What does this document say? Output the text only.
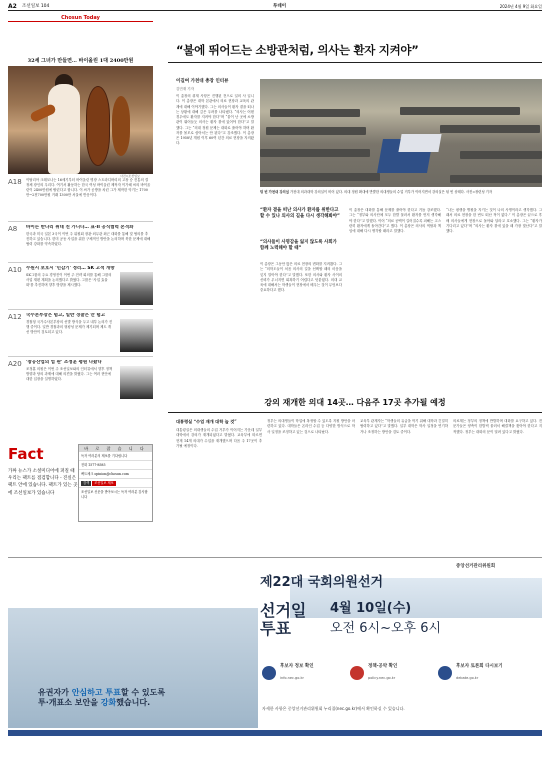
A2 조선일보 104	투데이	2024년 4월 9일 화요일
Chosun Today
32세 그녀가 만들면… 바이올린 1대 2400만원
사진=조선일보
A18 이탈리아 크레모나는 16세기부터 바이올린 명장 스트라디바리의 고장 승 전통의 결정체 장인의 우리다. 여기서 활동하는 한국 여성 바이올린 제작자 이가혜 씨의 바이올린이 2400만원에 팔린다고 합니다. 이 씨가 공방을 차린 그가 제작한 악기는 1700만~2천700만원 거래 1300만 서울에 반응이다.
A8 바이든 반나리 위대 친 가니다… 표·II 공식협력 본격화
한국과 미국 일본 3국이 이번 주 위원회 장관·외무관 최근 대화를 통해 및 협의를 추진하고 있습니다. 한미 공동 사업을 위한 구체적인 방안을 논의하며 북한 문제에 대해 협력 강화를 약속하였다.
A10 수원시 보호시 '민감기' 정리… SK 고객 개방
SK그룹의 주요 경영진이 이번 주 전략 회의를 통해 그룹의 사업 재편 계획을 논의했다고 밝혔다. 그룹은 '사업 효율화'를 추진하며 향후 방향을 제시했다.
A12 국수본부장은 텀고, 일반 경찰은 안 텀고
경찰청 국가수사본부장의 선발 방식을 두고 내부 논의가 진행 중이다. 일반 경찰과의 형평성 문제가 제기되며 제도 개선 방안이 검토되고 있다.
A20 '창공산업의 업 판' 조정훈 평원 나왔다
조정훈 의원은 이번 주 조선일보와의 인터뷰에서 향후 정책 방향과 당의 과제에 대해 의견을 밝혔다. 그는 여러 현안에 대한 입장을 설명하였다.
Fact
가짜 뉴스가 소셜미디어에 퍼질 때 우리는 팩트를 점검합니다 - 진실은 팩트 안에 있습니다. 팩트가 있는 곳에 조선일보가 있습니다
바 로 잡 습 니 다
독자 여러분의 제보를 기다립니다
전화 1577-8585
팩트체크 opinion@chosun.com
검색 조선일보 제보
조선일보 신문을 받아보시는 독자 여러분 감사합니다
“불에 뛰어드는 소방관처럼, 의사는 환자 지켜야”
이길여 가천대 총장 인터뷰
김민재 기자
이 총장의 취재 사항은 진행된 전으로 일의 사 입니다. 이 총장은 대학 본관에서 의료 현장과 교육의 관계에 대해 이야기했다. 그는 의사들이 환자 곁을 떠나는 상황에 대해 깊은 우려를 나타냈다. “의사는 어떤 경우에도 환자를 지켜야 한다”며 “불이 난 곳에 소방관이 뛰어들듯 의사는 환자 곁에 있어야 한다”고 말했다. 그는 “의대 정원 문제는 대화로 풀어야 하며 환자를 볼모로 삼아서는 안 된다”고 강조했다. 이 총장은 1958년 개원 이후 60여 년간 의료 현장을 지켜왔다.
텅 빈 가천대 강의실 가천대 의과대학 강의실이 비어 있다. 의대 정원 확대에 반발한 의대생들의 수업 거부가 이어지면서 강의실은 텅 빈 상태다. 사진=장련성 기자
“환자 곁을 떠난 의사가 환자를 위한다고 할 수 있나 의사의 길을 다시 생각해봐야”
“의사들이 사명감을 잃지 않도록 사회가 함께 노력해야 할 때”
이 총장은 그동안 많은 의료 현장의 변화를 지켜봤다. 그는 “의학도들이 처음 의사의 길을 선택할 때의 마음을 잊지 말아야 한다”고 말했다. 또한 의사와 환자 사이의 신뢰가 무너지면 회복하기 어렵다고 덧붙였다. 의대 교육에 대해서는 학생들이 현장에서 배우는 것이 무엇보다 중요하다고 했다.
이 총장은 대화를 통해 문제를 풀어야 한다고 거듭 강조했다. 그는 “정부와 의사단체 모두 한발 물러서 환자를 먼저 생각해야 한다”고 말했다. 이어 “의료 공백이 길어질수록 피해는 고스란히 환자에게 돌아간다”고 했다. 이 총장은 의사의 역할과 책임에 대해 다시 생각할 때라고 말했다.
“나는 평생을 병원을 지키는 것이 나의 사명이라고 생각했다. 그래서 의료 현장을 한 번도 떠난 적이 없다.” 이 총장은 끝으로 후배 의사들에게 현장으로 돌아와 달라고 호소했다. 그는 “환자가 기다리고 있다”며 “의사는 환자 곁에 있을 때 가장 빛난다”고 말했다.
강의 재개한 의대 14곳… 다음주 17곳 추가될 예정
대통령실 “수업 재개 대학 늘 것”
대통령실은 의대생들의 수업 거부가 이어지는 가운데 일부 대학에서 강의가 재개되었다고 밝혔다. 교육부에 따르면 현재 14개 의대가 수업을 재개했으며 다음 주 17곳이 추가될 예정이다.
정부는 의대생들이 학업에 복귀할 수 있도록 지원 방안을 마련하고 있다. 대학들은 온라인 수업 등 다양한 방식으로 학사 일정을 조정하고 있는 것으로 나타났다.
교육부 관계자는 “학생들의 유급을 막기 위해 대학과 긴밀히 협력하고 있다”고 말했다. 일부 대학은 학사 일정을 연기하거나 조정하는 방안을 검토 중이다.
의료계는 정부의 정책에 반발하며 대화를 요구하고 있다. 전문가들은 양측이 한발씩 물러서 해결책을 찾아야 한다고 지적했다. 정부는 대화의 문이 열려 있다고 밝혔다.
중앙선거관리위원회
제22대 국회의원선거
유권자가 안심하고 투표할 수 있도록
투·개표소 보안을 강화했습니다.
선거일 투표
4월 10일(수)
오전 6시~오후 6시
후보자 정보 확인
info.nec.go.kr
정책·공약 확인
policy.nec.go.kr
후보자 토론회 다시보기
debate.go.kr
자세한 사항은 중앙선거관리위원회 누리집(nec.go.kr)에서 확인하실 수 있습니다.
